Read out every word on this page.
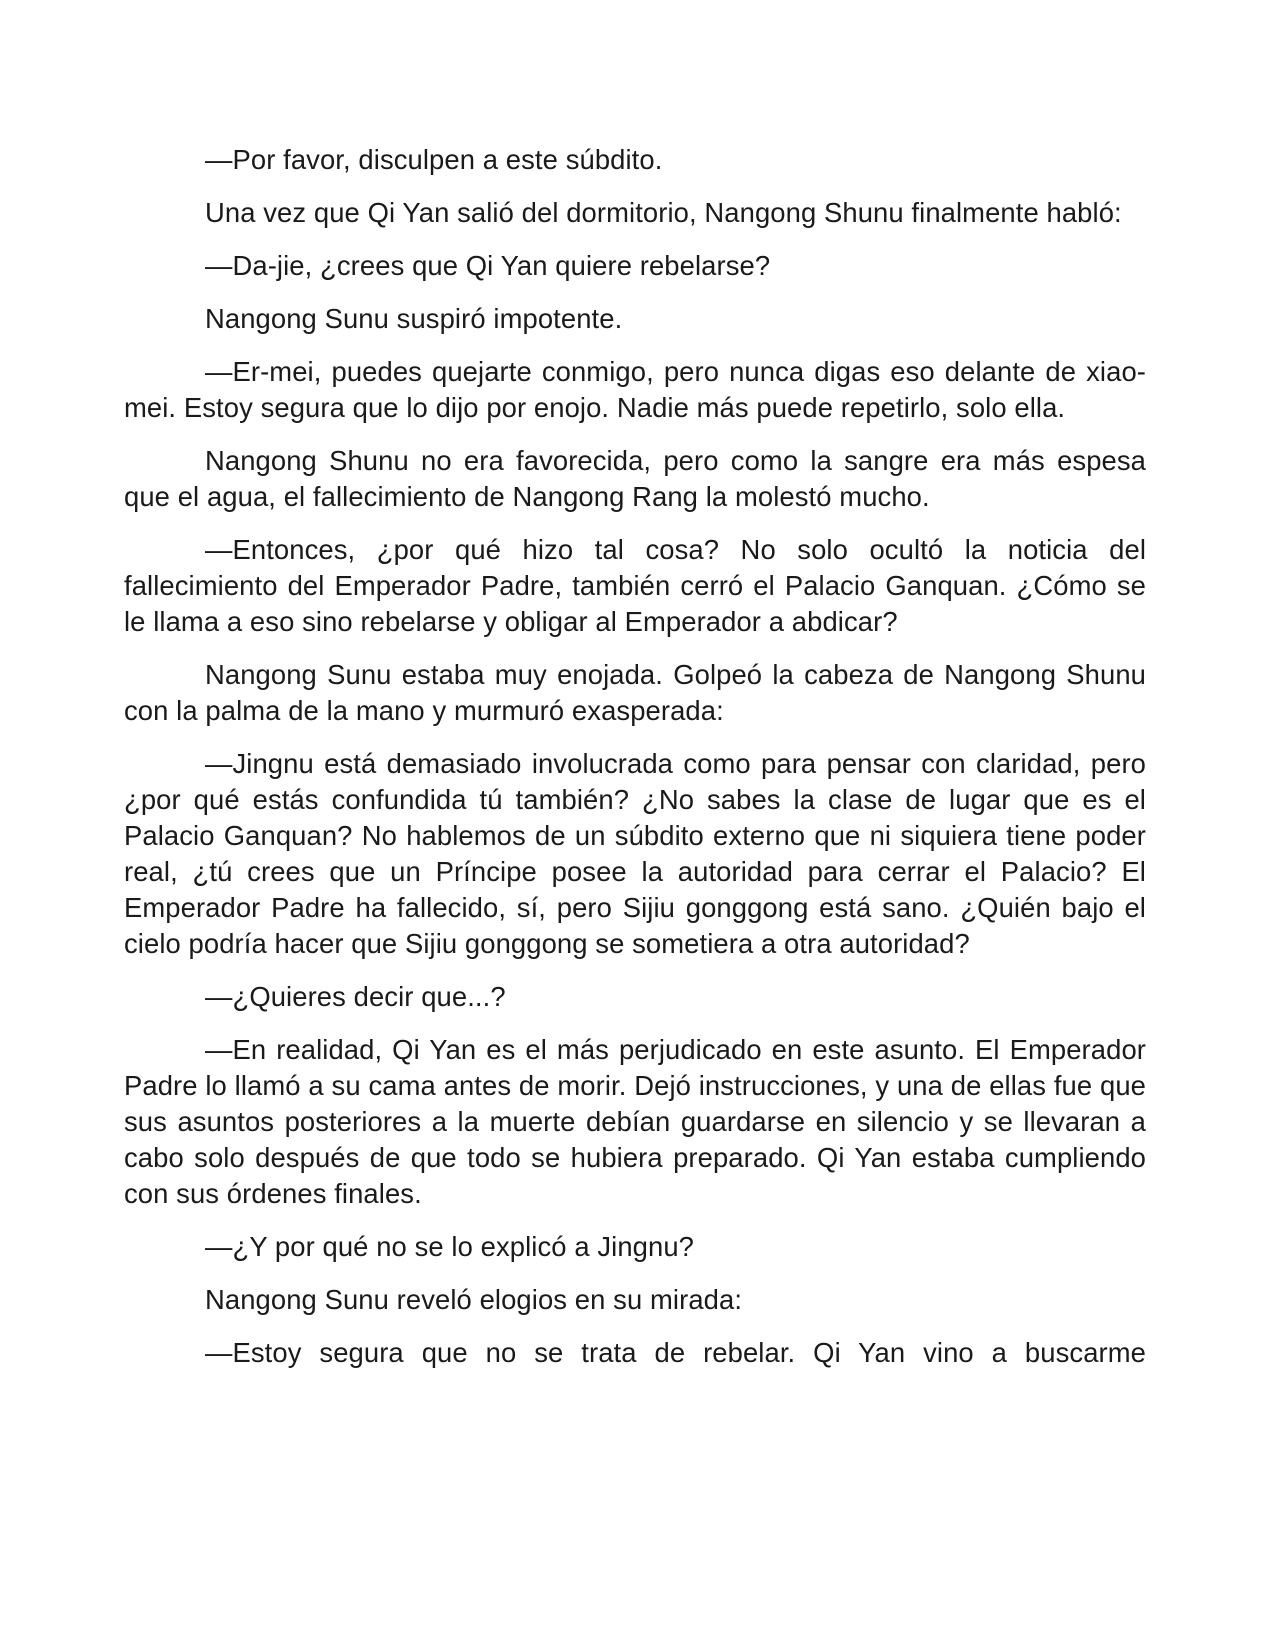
—Por favor, disculpen a este súbdito.

Una vez que Qi Yan salió del dormitorio, Nangong Shunu finalmente habló:

—Da-jie, ¿crees que Qi Yan quiere rebelarse?

Nangong Sunu suspiró impotente.

—Er-mei, puedes quejarte conmigo, pero nunca digas eso delante de xiao-mei. Estoy segura que lo dijo por enojo. Nadie más puede repetirlo, solo ella.

Nangong Shunu no era favorecida, pero como la sangre era más espesa que el agua, el fallecimiento de Nangong Rang la molestó mucho.

—Entonces, ¿por qué hizo tal cosa? No solo ocultó la noticia del fallecimiento del Emperador Padre, también cerró el Palacio Ganquan. ¿Cómo se le llama a eso sino rebelarse y obligar al Emperador a abdicar?

Nangong Sunu estaba muy enojada. Golpeó la cabeza de Nangong Shunu con la palma de la mano y murmuró exasperada:

—Jingnu está demasiado involucrada como para pensar con claridad, pero ¿por qué estás confundida tú también? ¿No sabes la clase de lugar que es el Palacio Ganquan? No hablemos de un súbdito externo que ni siquiera tiene poder real, ¿tú crees que un Príncipe posee la autoridad para cerrar el Palacio? El Emperador Padre ha fallecido, sí, pero Sijiu gonggong está sano. ¿Quién bajo el cielo podría hacer que Sijiu gonggong se sometiera a otra autoridad?

—¿Quieres decir que...?

—En realidad, Qi Yan es el más perjudicado en este asunto. El Emperador Padre lo llamó a su cama antes de morir. Dejó instrucciones, y una de ellas fue que sus asuntos posteriores a la muerte debían guardarse en silencio y se llevaran a cabo solo después de que todo se hubiera preparado. Qi Yan estaba cumpliendo con sus órdenes finales.

—¿Y por qué no se lo explicó a Jingnu?

Nangong Sunu reveló elogios en su mirada:

—Estoy segura que no se trata de rebelar. Qi Yan vino a buscarme
